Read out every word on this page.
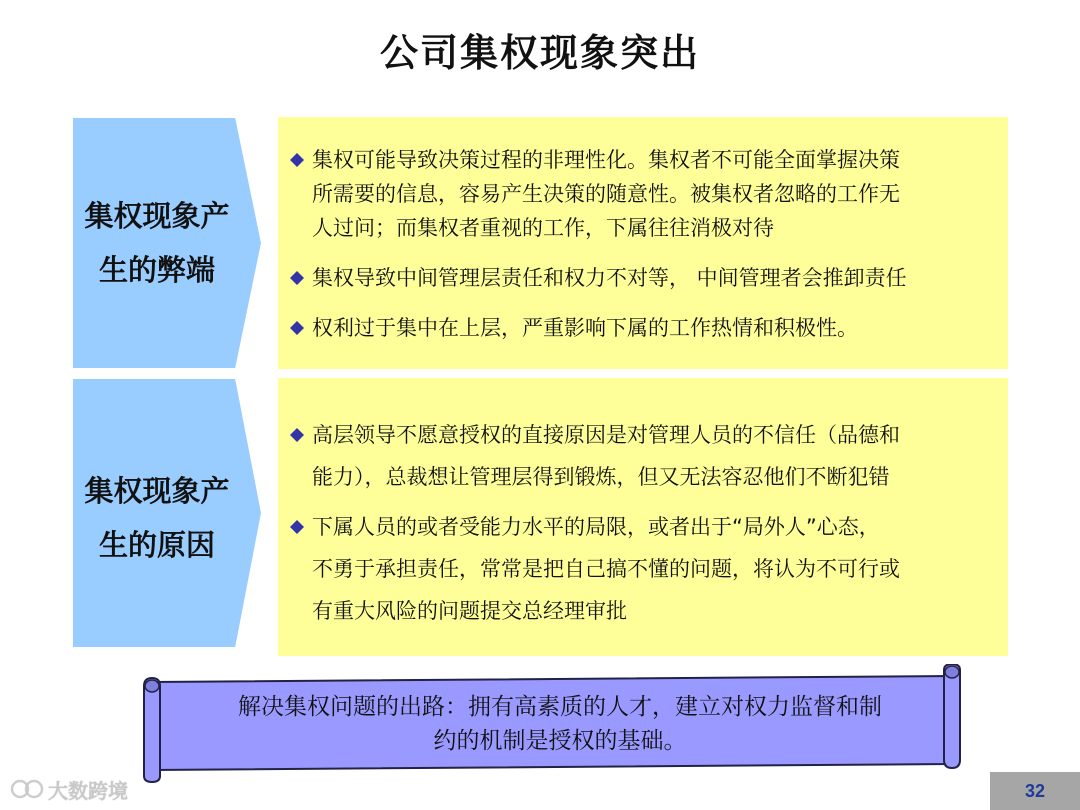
公司集权现象突出
集权现象产
生的弊端
集权可能导致决策过程的非理性化。集权者不可能全面掌握决策
所需要的信息，容易产生决策的随意性。被集权者忽略的工作无
人过问；而集权者重视的工作，下属往往消极对待
集权导致中间管理层责任和权力不对等， 中间管理者会推卸责任
权利过于集中在上层，严重影响下属的工作热情和积极性。
集权现象产
生的原因
高层领导不愿意授权的直接原因是对管理人员的不信任（品德和
能力），总裁想让管理层得到锻炼，但又无法容忍他们不断犯错
下属人员的或者受能力水平的局限，或者出于“局外人”心态，
不勇于承担责任，常常是把自己搞不懂的问题，将认为不可行或
有重大风险的问题提交总经理审批
解决集权问题的出路：拥有高素质的人才，建立对权力监督和制
约的机制是授权的基础。
大数跨境	32
